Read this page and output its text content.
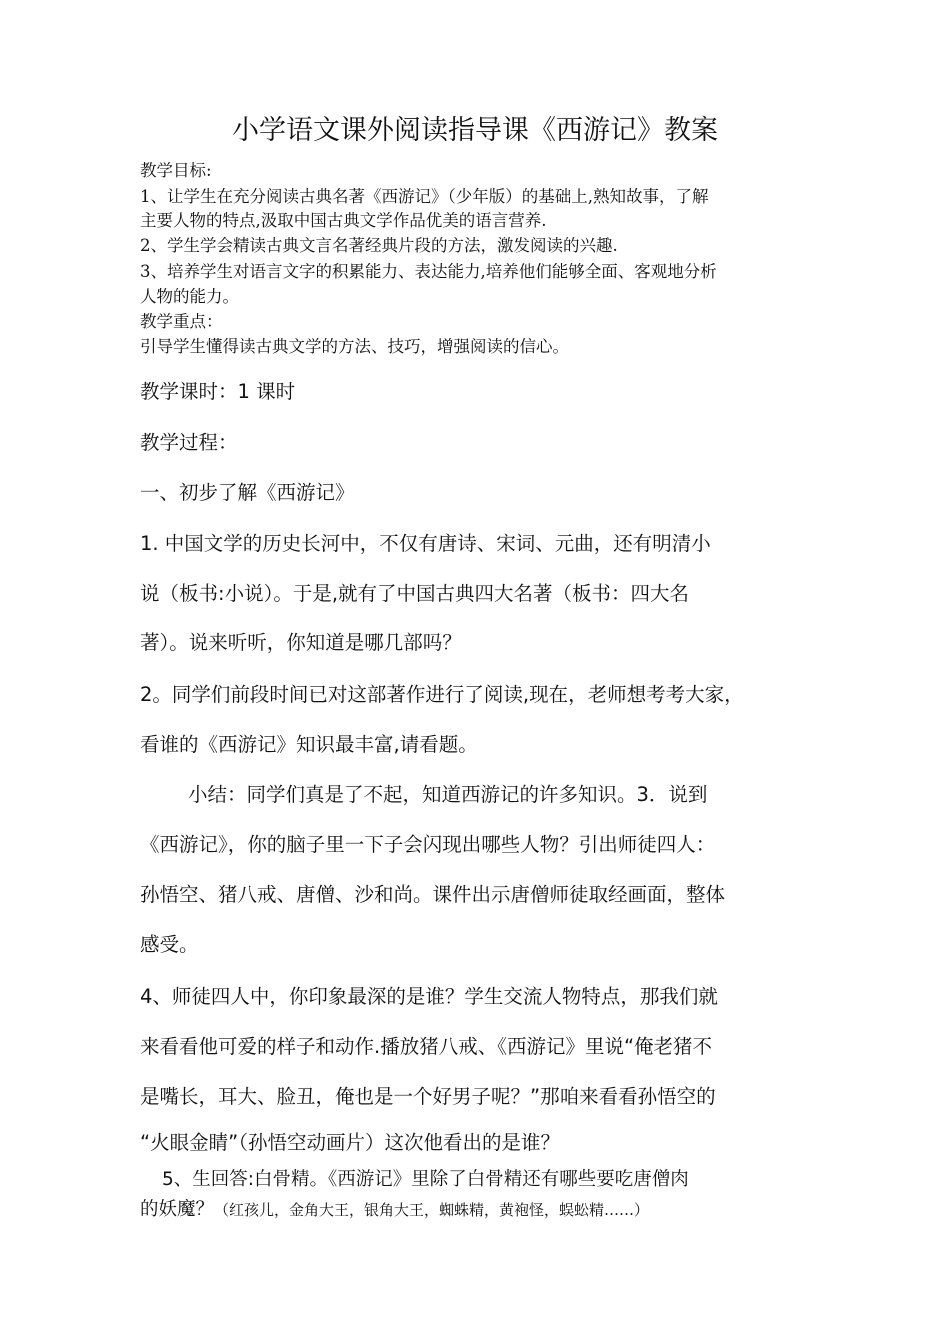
小学语文课外阅读指导课《西游记》教案
教学目标:
1、让学生在充分阅读古典名著《西游记》（少年版）的基础上,熟知故事，了解
主要人物的特点,汲取中国古典文学作品优美的语言营养.
2、学生学会精读古典文言名著经典片段的方法，激发阅读的兴趣.
3、培养学生对语言文字的积累能力、表达能力,培养他们能够全面、客观地分析
人物的能力。
教学重点：
引导学生懂得读古典文学的方法、技巧，增强阅读的信心。
教学课时：1 课时
教学过程：
一、初步了解《西游记》
1. 中国文学的历史长河中，不仅有唐诗、宋词、元曲，还有明清小
说（板书:小说）。于是,就有了中国古典四大名著（板书：四大名
著）。说来听听，你知道是哪几部吗？
2。同学们前段时间已对这部著作进行了阅读,现在，老师想考考大家，
看谁的《西游记》知识最丰富,请看题。
小结：同学们真是了不起，知道西游记的许多知识。3．说到
《西游记》，你的脑子里一下子会闪现出哪些人物？引出师徒四人：
孙悟空、猪八戒、唐僧、沙和尚。课件出示唐僧师徒取经画面，整体
感受。
4、师徒四人中，你印象最深的是谁？学生交流人物特点，那我们就
来看看他可爱的样子和动作.播放猪八戒、《西游记》里说“俺老猪不
是嘴长，耳大、脸丑，俺也是一个好男子呢？”那咱来看看孙悟空的
“火眼金睛”（孙悟空动画片）这次他看出的是谁？
5、生回答:白骨精。《西游记》里除了白骨精还有哪些要吃唐僧肉
的妖魔？（红孩儿，金角大王，银角大王，蜘蛛精，黄袍怪，蜈蚣精……）
